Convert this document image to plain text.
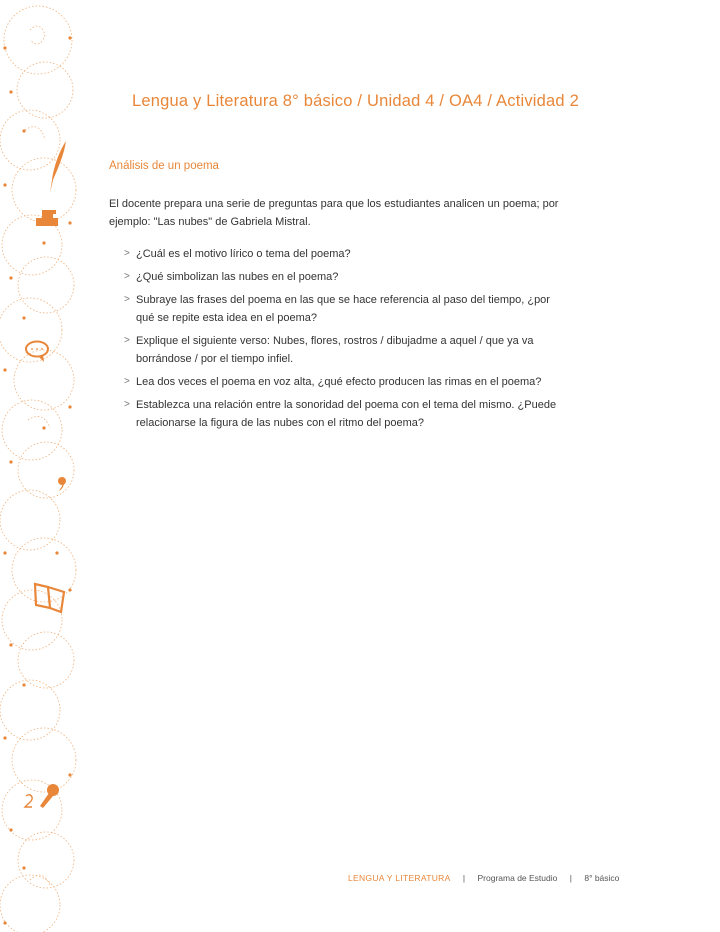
Lengua y Literatura 8° básico / Unidad 4 / OA4 / Actividad 2
Análisis de un poema
El docente prepara una serie de preguntas para que los estudiantes analicen un poema; por ejemplo: "Las nubes" de Gabriela Mistral.
> ¿Cuál es el motivo lírico o tema del poema?
> ¿Qué simbolizan las nubes en el poema?
> Subraye las frases del poema en las que se hace referencia al paso del tiempo, ¿por qué se repite esta idea en el poema?
> Explique el siguiente verso: Nubes, flores, rostros / dibujadme a aquel / que ya va borrándose / por el tiempo infiel.
> Lea dos veces el poema en voz alta, ¿qué efecto producen las rimas en el poema?
> Establezca una relación entre la sonoridad del poema con el tema del mismo. ¿Puede relacionarse la figura de las nubes con el ritmo del poema?
LENGUA Y LITERATURA | Programa de Estudio | 8° básico
